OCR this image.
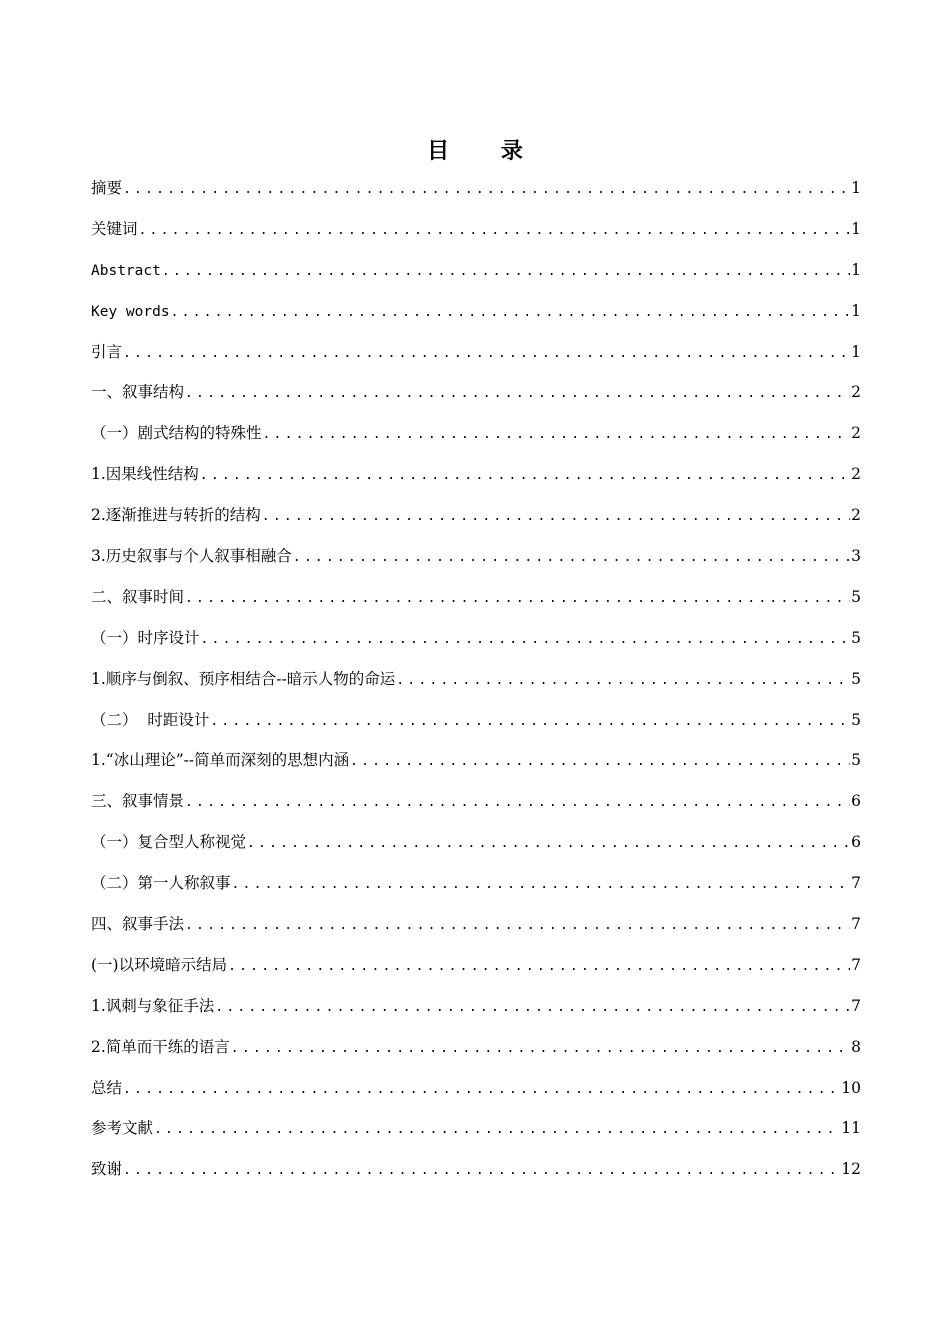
目 录
摘要 .....	1
关键词 .....	1
Abstract .....	1
Key words .....	1
引言 .....	1
一、叙事结构 .....	2
（一）剧式结构的特殊性 .....	2
1.因果线性结构 .....	2
2.逐渐推进与转折的结构 .....	2
3.历史叙事与个人叙事相融合 .....	3
二、叙事时间 .....	5
（一）时序设计 .....	5
1.顺序与倒叙、预序相结合--暗示人物的命运 .....	5
（二）  时距设计 .....	5
1.“冰山理论”--简单而深刻的思想内涵 .....	5
三、叙事情景 .....	6
（一）复合型人称视觉 .....	6
（二）第一人称叙事 .....	7
四、叙事手法 .....	7
(一)以环境暗示结局 .....	7
1.讽刺与象征手法 .....	7
2.简单而干练的语言 .....	8
总结 .....	10
参考文献 .....	11
致谢 .....	12
